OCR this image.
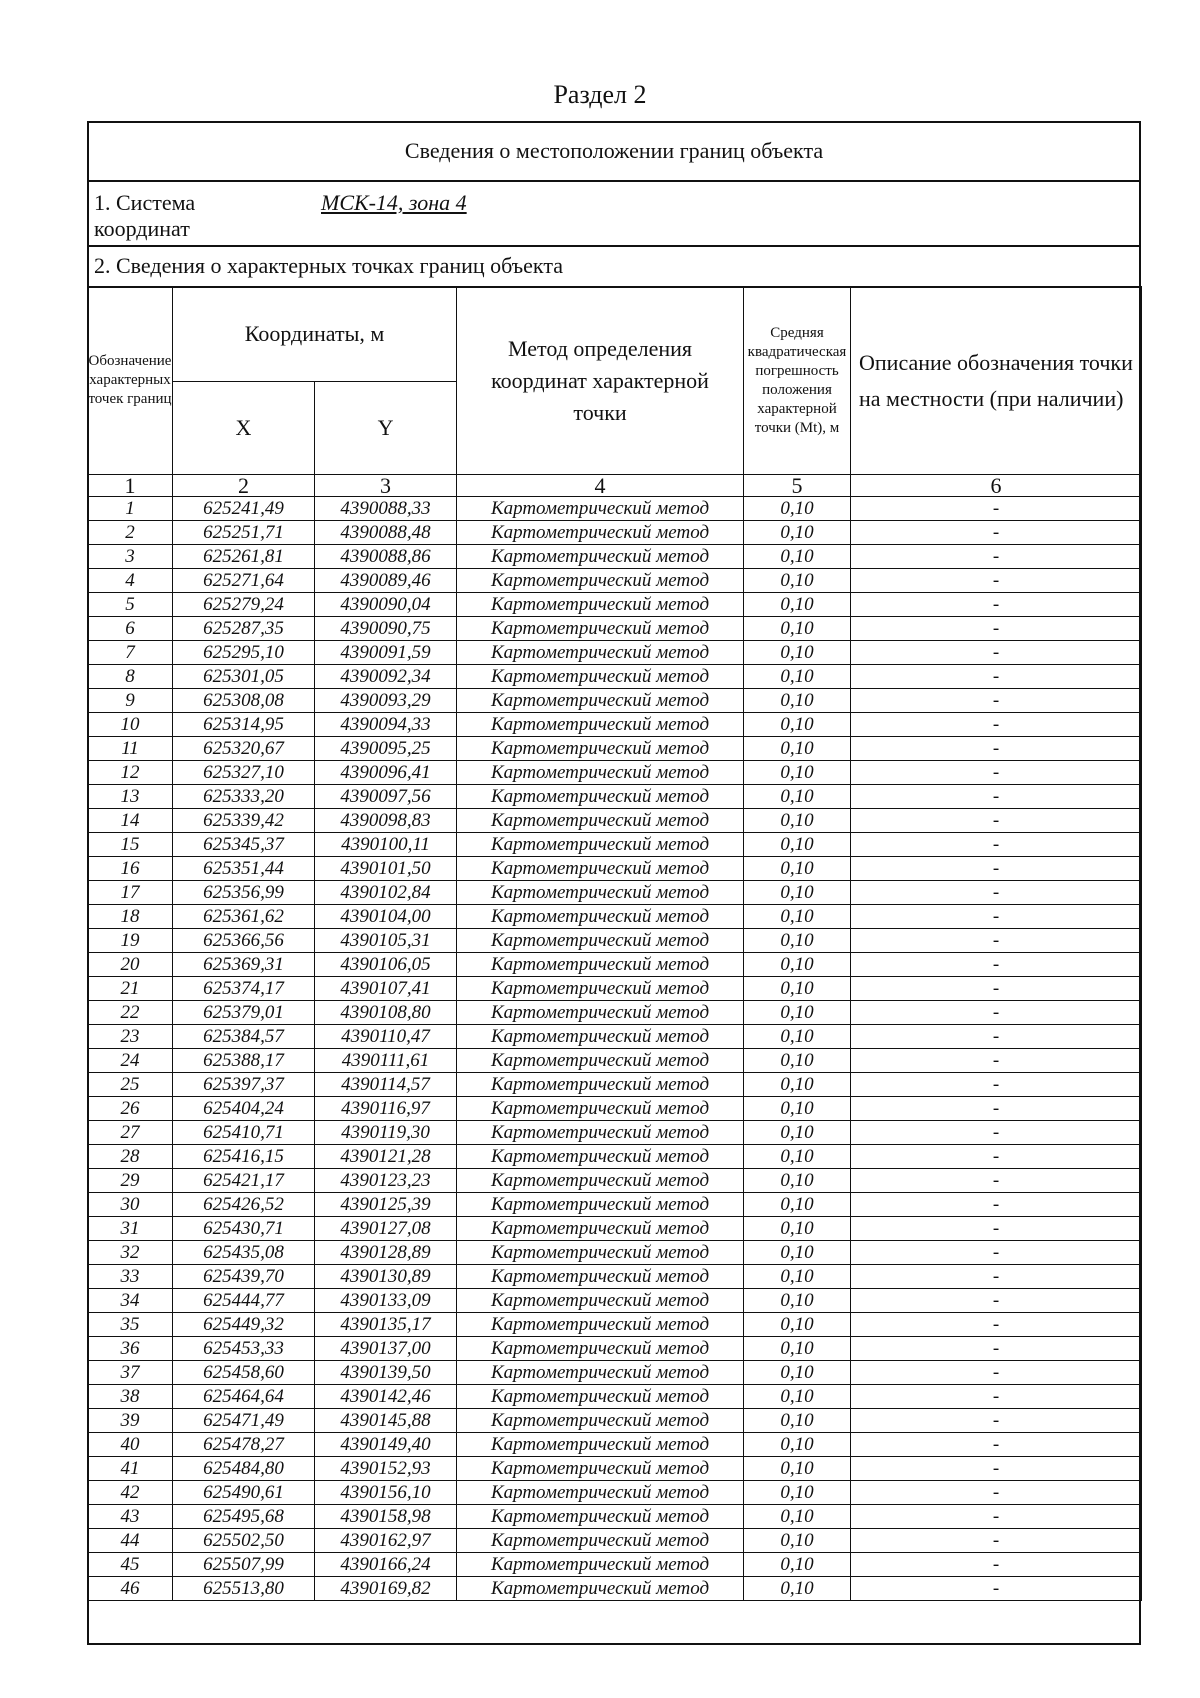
Раздел 2
Сведения о местоположении границ объекта
1. Система координат
МСК-14, зона 4
2. Сведения о характерных точках границ объекта
Обозначение характерных точек границ	Координаты, м		Метод определения координат характерной точки	Средняя квадратическая погрешность положения характерной точки (Mt), м	Описание обозначения точки на местности (при наличии)
	X	Y			
1	2	3	4	5	6
1	625241,49	4390088,33	Картометрический метод	0,10	-
2	625251,71	4390088,48	Картометрический метод	0,10	-
3	625261,81	4390088,86	Картометрический метод	0,10	-
4	625271,64	4390089,46	Картометрический метод	0,10	-
5	625279,24	4390090,04	Картометрический метод	0,10	-
6	625287,35	4390090,75	Картометрический метод	0,10	-
7	625295,10	4390091,59	Картометрический метод	0,10	-
8	625301,05	4390092,34	Картометрический метод	0,10	-
9	625308,08	4390093,29	Картометрический метод	0,10	-
10	625314,95	4390094,33	Картометрический метод	0,10	-
11	625320,67	4390095,25	Картометрический метод	0,10	-
12	625327,10	4390096,41	Картометрический метод	0,10	-
13	625333,20	4390097,56	Картометрический метод	0,10	-
14	625339,42	4390098,83	Картометрический метод	0,10	-
15	625345,37	4390100,11	Картометрический метод	0,10	-
16	625351,44	4390101,50	Картометрический метод	0,10	-
17	625356,99	4390102,84	Картометрический метод	0,10	-
18	625361,62	4390104,00	Картометрический метод	0,10	-
19	625366,56	4390105,31	Картометрический метод	0,10	-
20	625369,31	4390106,05	Картометрический метод	0,10	-
21	625374,17	4390107,41	Картометрический метод	0,10	-
22	625379,01	4390108,80	Картометрический метод	0,10	-
23	625384,57	4390110,47	Картометрический метод	0,10	-
24	625388,17	4390111,61	Картометрический метод	0,10	-
25	625397,37	4390114,57	Картометрический метод	0,10	-
26	625404,24	4390116,97	Картометрический метод	0,10	-
27	625410,71	4390119,30	Картометрический метод	0,10	-
28	625416,15	4390121,28	Картометрический метод	0,10	-
29	625421,17	4390123,23	Картометрический метод	0,10	-
30	625426,52	4390125,39	Картометрический метод	0,10	-
31	625430,71	4390127,08	Картометрический метод	0,10	-
32	625435,08	4390128,89	Картометрический метод	0,10	-
33	625439,70	4390130,89	Картометрический метод	0,10	-
34	625444,77	4390133,09	Картометрический метод	0,10	-
35	625449,32	4390135,17	Картометрический метод	0,10	-
36	625453,33	4390137,00	Картометрический метод	0,10	-
37	625458,60	4390139,50	Картометрический метод	0,10	-
38	625464,64	4390142,46	Картометрический метод	0,10	-
39	625471,49	4390145,88	Картометрический метод	0,10	-
40	625478,27	4390149,40	Картометрический метод	0,10	-
41	625484,80	4390152,93	Картометрический метод	0,10	-
42	625490,61	4390156,10	Картометрический метод	0,10	-
43	625495,68	4390158,98	Картометрический метод	0,10	-
44	625502,50	4390162,97	Картометрический метод	0,10	-
45	625507,99	4390166,24	Картометрический метод	0,10	-
46	625513,80	4390169,82	Картометрический метод	0,10	-
